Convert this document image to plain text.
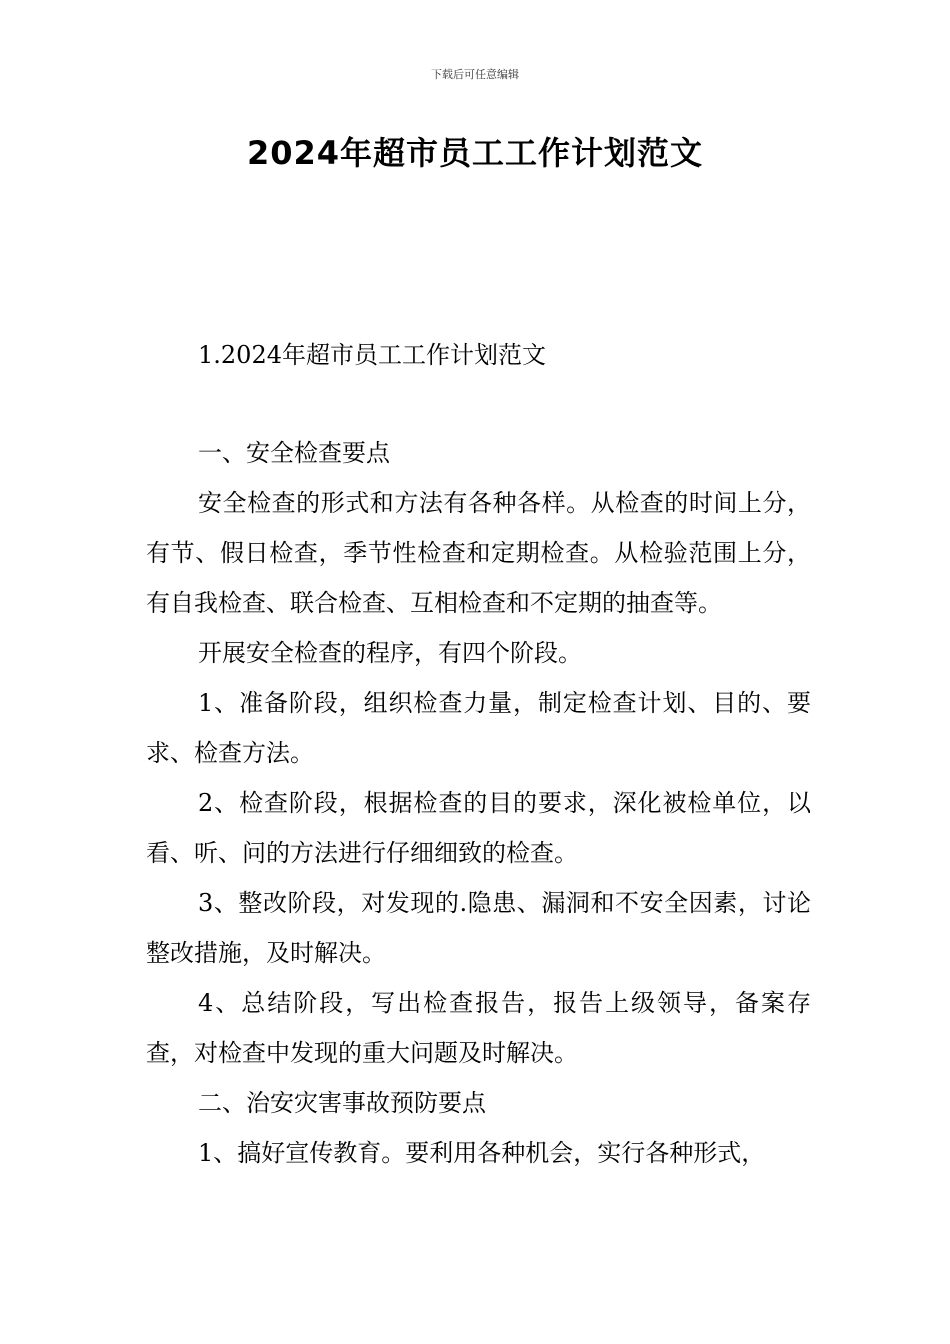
下载后可任意编辑
2024年超市员工工作计划范文

1.2024年超市员工工作计划范文

一、安全检查要点

安全检查的形式和方法有各种各样。从检查的时间上分，有节、假日检查，季节性检查和定期检查。从检验范围上分，有自我检查、联合检查、互相检查和不定期的抽查等。

开展安全检查的程序，有四个阶段。

1、准备阶段，组织检查力量，制定检查计划、目的、要求、检查方法。

2、检查阶段，根据检查的目的要求，深化被检单位，以看、听、问的方法进行仔细细致的检查。

3、整改阶段，对发现的.隐患、漏洞和不安全因素，讨论整改措施，及时解决。

4、总结阶段，写出检查报告，报告上级领导，备案存查，对检查中发现的重大问题及时解决。

二、治安灾害事故预防要点

1、搞好宣传教育。要利用各种机会，实行各种形式，
